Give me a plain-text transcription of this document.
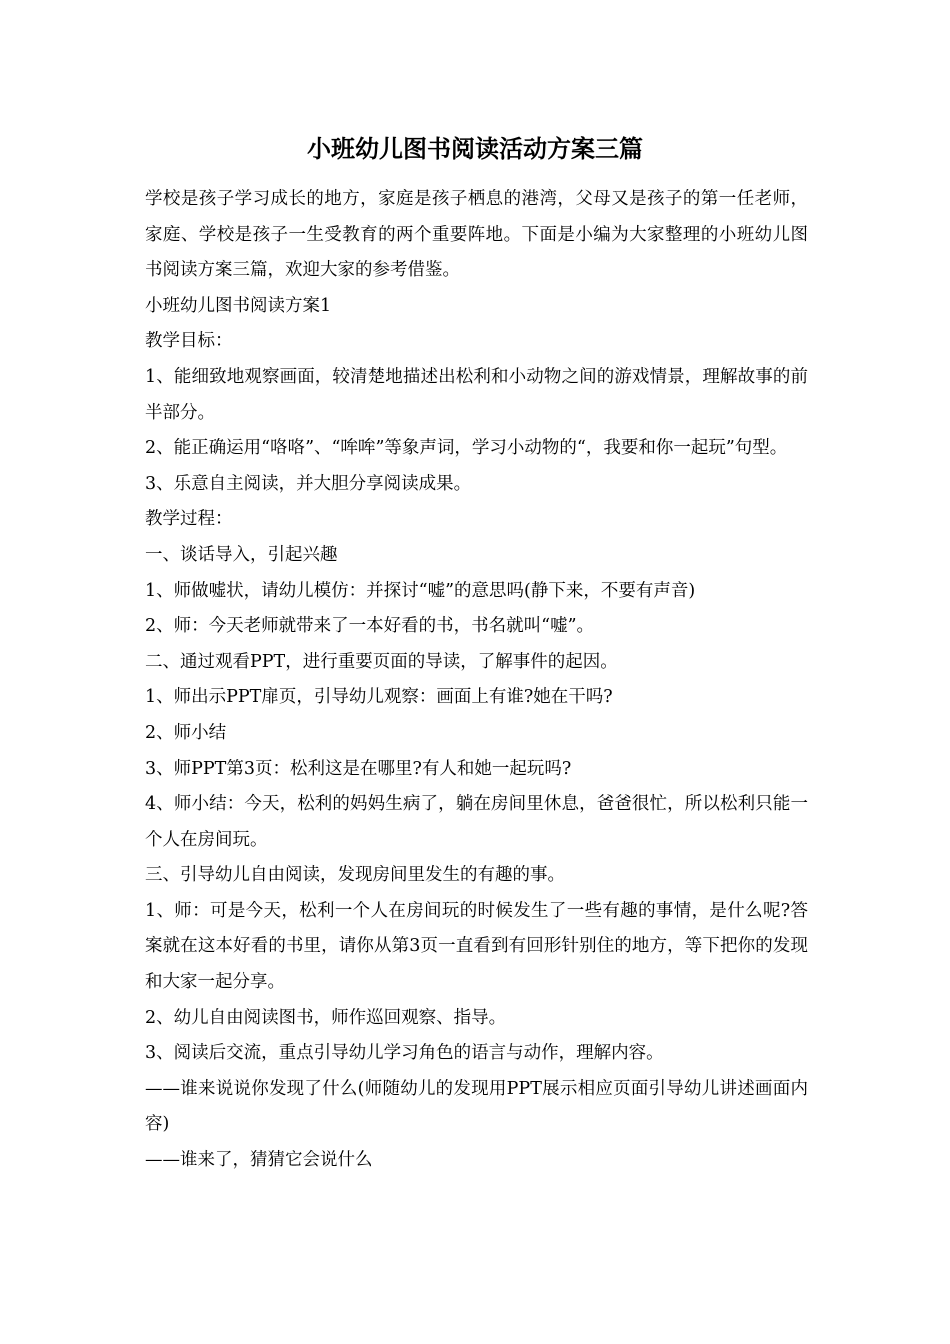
小班幼儿图书阅读活动方案三篇

学校是孩子学习成长的地方，家庭是孩子栖息的港湾，父母又是孩子的第一任老师，家庭、学校是孩子一生受教育的两个重要阵地。下面是小编为大家整理的小班幼儿图书阅读方案三篇，欢迎大家的参考借鉴。

小班幼儿图书阅读方案1

教学目标：

1、能细致地观察画面，较清楚地描述出松利和小动物之间的游戏情景，理解故事的前半部分。

2、能正确运用“咯咯”、“哞哞”等象声词，学习小动物的“，我要和你一起玩”句型。

3、乐意自主阅读，并大胆分享阅读成果。

教学过程：

一、谈话导入，引起兴趣

1、师做嘘状，请幼儿模仿：并探讨“嘘”的意思吗(静下来，不要有声音)

2、师：今天老师就带来了一本好看的书，书名就叫“嘘”。

二、通过观看PPT，进行重要页面的导读，了解事件的起因。

1、师出示PPT扉页，引导幼儿观察：画面上有谁?她在干吗?

2、师小结

3、师PPT第3页：松利这是在哪里?有人和她一起玩吗?

4、师小结：今天，松利的妈妈生病了，躺在房间里休息，爸爸很忙，所以松利只能一个人在房间玩。

三、引导幼儿自由阅读，发现房间里发生的有趣的事。

1、师：可是今天，松利一个人在房间玩的时候发生了一些有趣的事情，是什么呢?答案就在这本好看的书里，请你从第3页一直看到有回形针别住的地方，等下把你的发现和大家一起分享。

2、幼儿自由阅读图书，师作巡回观察、指导。

3、阅读后交流，重点引导幼儿学习角色的语言与动作，理解内容。

——谁来说说你发现了什么(师随幼儿的发现用PPT展示相应页面引导幼儿讲述画面内容)

——谁来了，猜猜它会说什么
